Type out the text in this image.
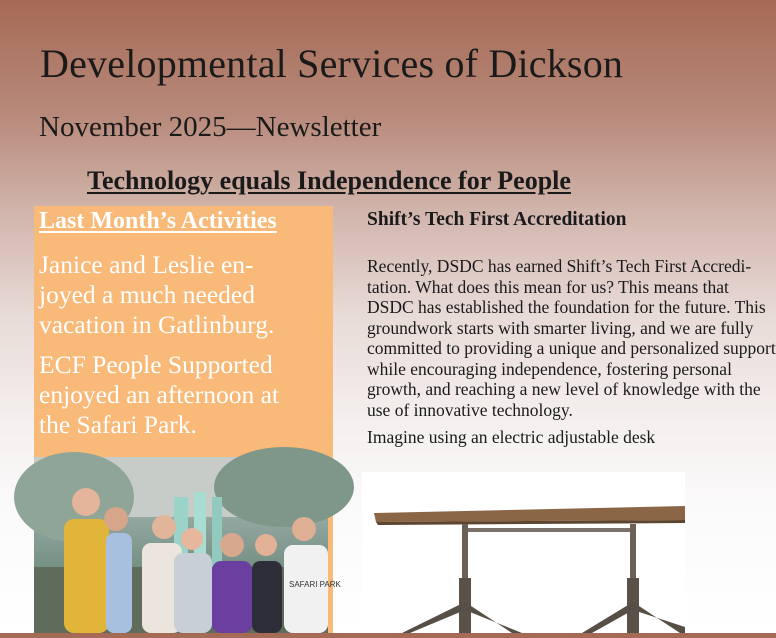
Developmental Services of Dickson
November 2025—Newsletter
Technology equals Independence for People
Last Month’s Activities
Janice and Leslie en-
joyed a much needed
vacation in Gatlinburg.
ECF People Supported
enjoyed an afternoon at
the Safari Park.
SAFARI PARK
Shift’s Tech First Accreditation
Recently, DSDC has earned Shift’s Tech First Accredi-
tation. What does this mean for us? This means that
DSDC has established the foundation for the future. This
groundwork starts with smarter living, and we are fully
committed to providing a unique and personalized support
while encouraging independence, fostering personal
growth, and reaching a new level of knowledge with the
use of innovative technology.
Imagine using an electric adjustable desk
